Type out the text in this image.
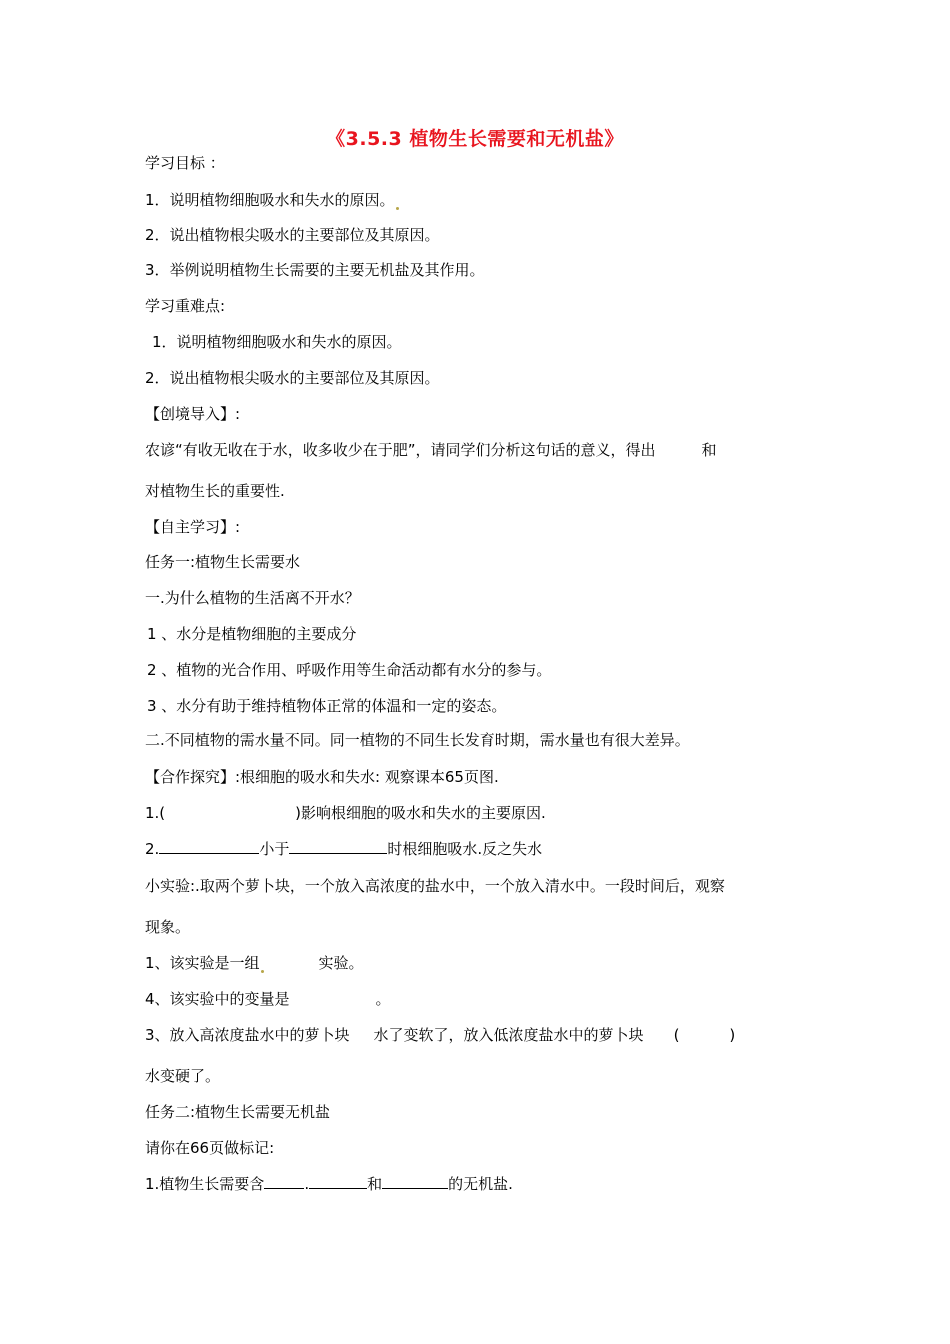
《3.5.3 植物生长需要和无机盐》
学习目标 ：
1．说明植物细胞吸水和失水的原因。
2．说出植物根尖吸水的主要部位及其原因。
3．举例说明植物生长需要的主要无机盐及其作用。
学习重难点:
1．说明植物细胞吸水和失水的原因。
2．说出植物根尖吸水的主要部位及其原因。
【创境导入】:
农谚“有收无收在于水，收多收少在于肥”，请同学们分析这句话的意义，得出	和
对植物生长的重要性.
【自主学习】:
任务一:植物生长需要水
一.为什么植物的生活离不开水？
1 、水分是植物细胞的主要成分
2 、植物的光合作用、呼吸作用等生命活动都有水分的参与。
3 、水分有助于维持植物体正常的体温和一定的姿态。
二.不同植物的需水量不同。同一植物的不同生长发育时期，需水量也有很大差异。
【合作探究】:根细胞的吸水和失水: 观察课本65页图.
1.(	)影响根细胞的吸水和失水的主要原因.
2.	小于	时根细胞吸水.反之失水
小实验:.取两个萝卜块，一个放入高浓度的盐水中，一个放入清水中。一段时间后，观察
现象。
1、该实验是一组	实验。
4、该实验中的变量是	。
3、放入高浓度盐水中的萝卜块 水了变软了，放入低浓度盐水中的萝卜块 (	)
水变硬了。
任务二:植物生长需要无机盐
请你在66页做标记:
1.植物生长需要含	.	和	的无机盐.
